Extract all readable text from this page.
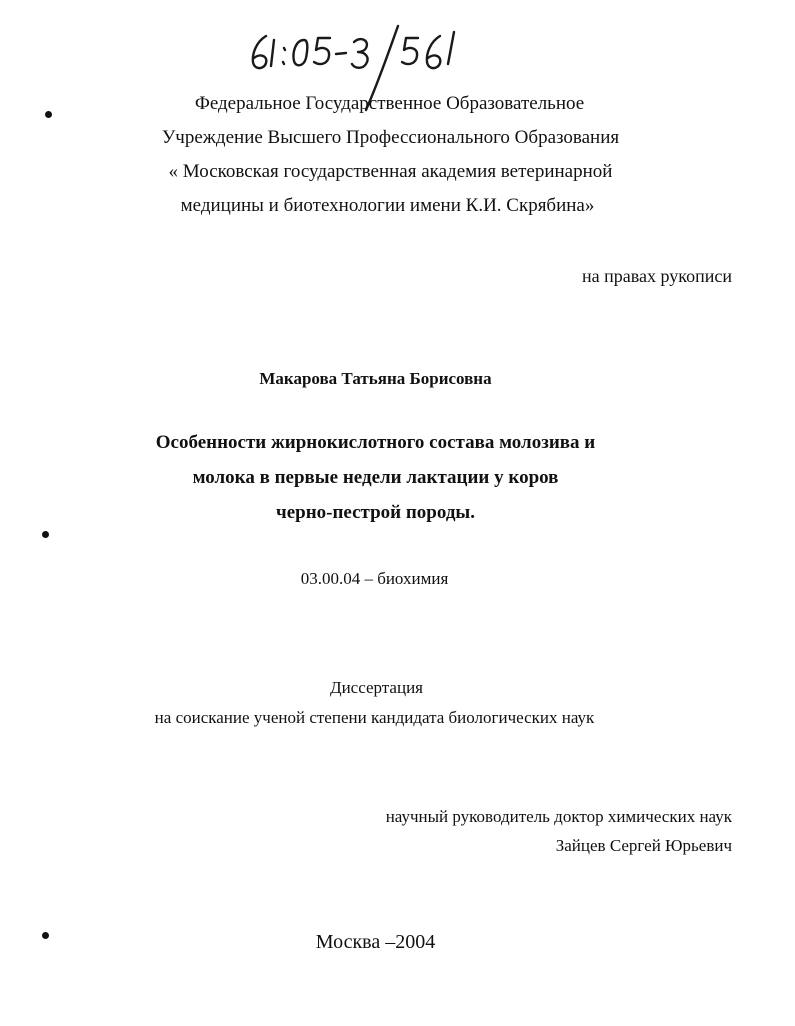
Федеральное Государственное Образовательное
Учреждение Высшего Профессионального Образования
« Московская государственная академия ветеринарной
медицины и биотехнологии имени К.И. Скрябина»
на правах рукописи
Макарова Татьяна Борисовна
Особенности жирнокислотного состава молозива и
молока в первые недели лактации у коров
черно-пестрой породы.
03.00.04 – биохимия
Диссертация
на соискание ученой степени кандидата биологических наук
научный руководитель доктор химических наук
Зайцев Сергей Юрьевич
Москва –2004
